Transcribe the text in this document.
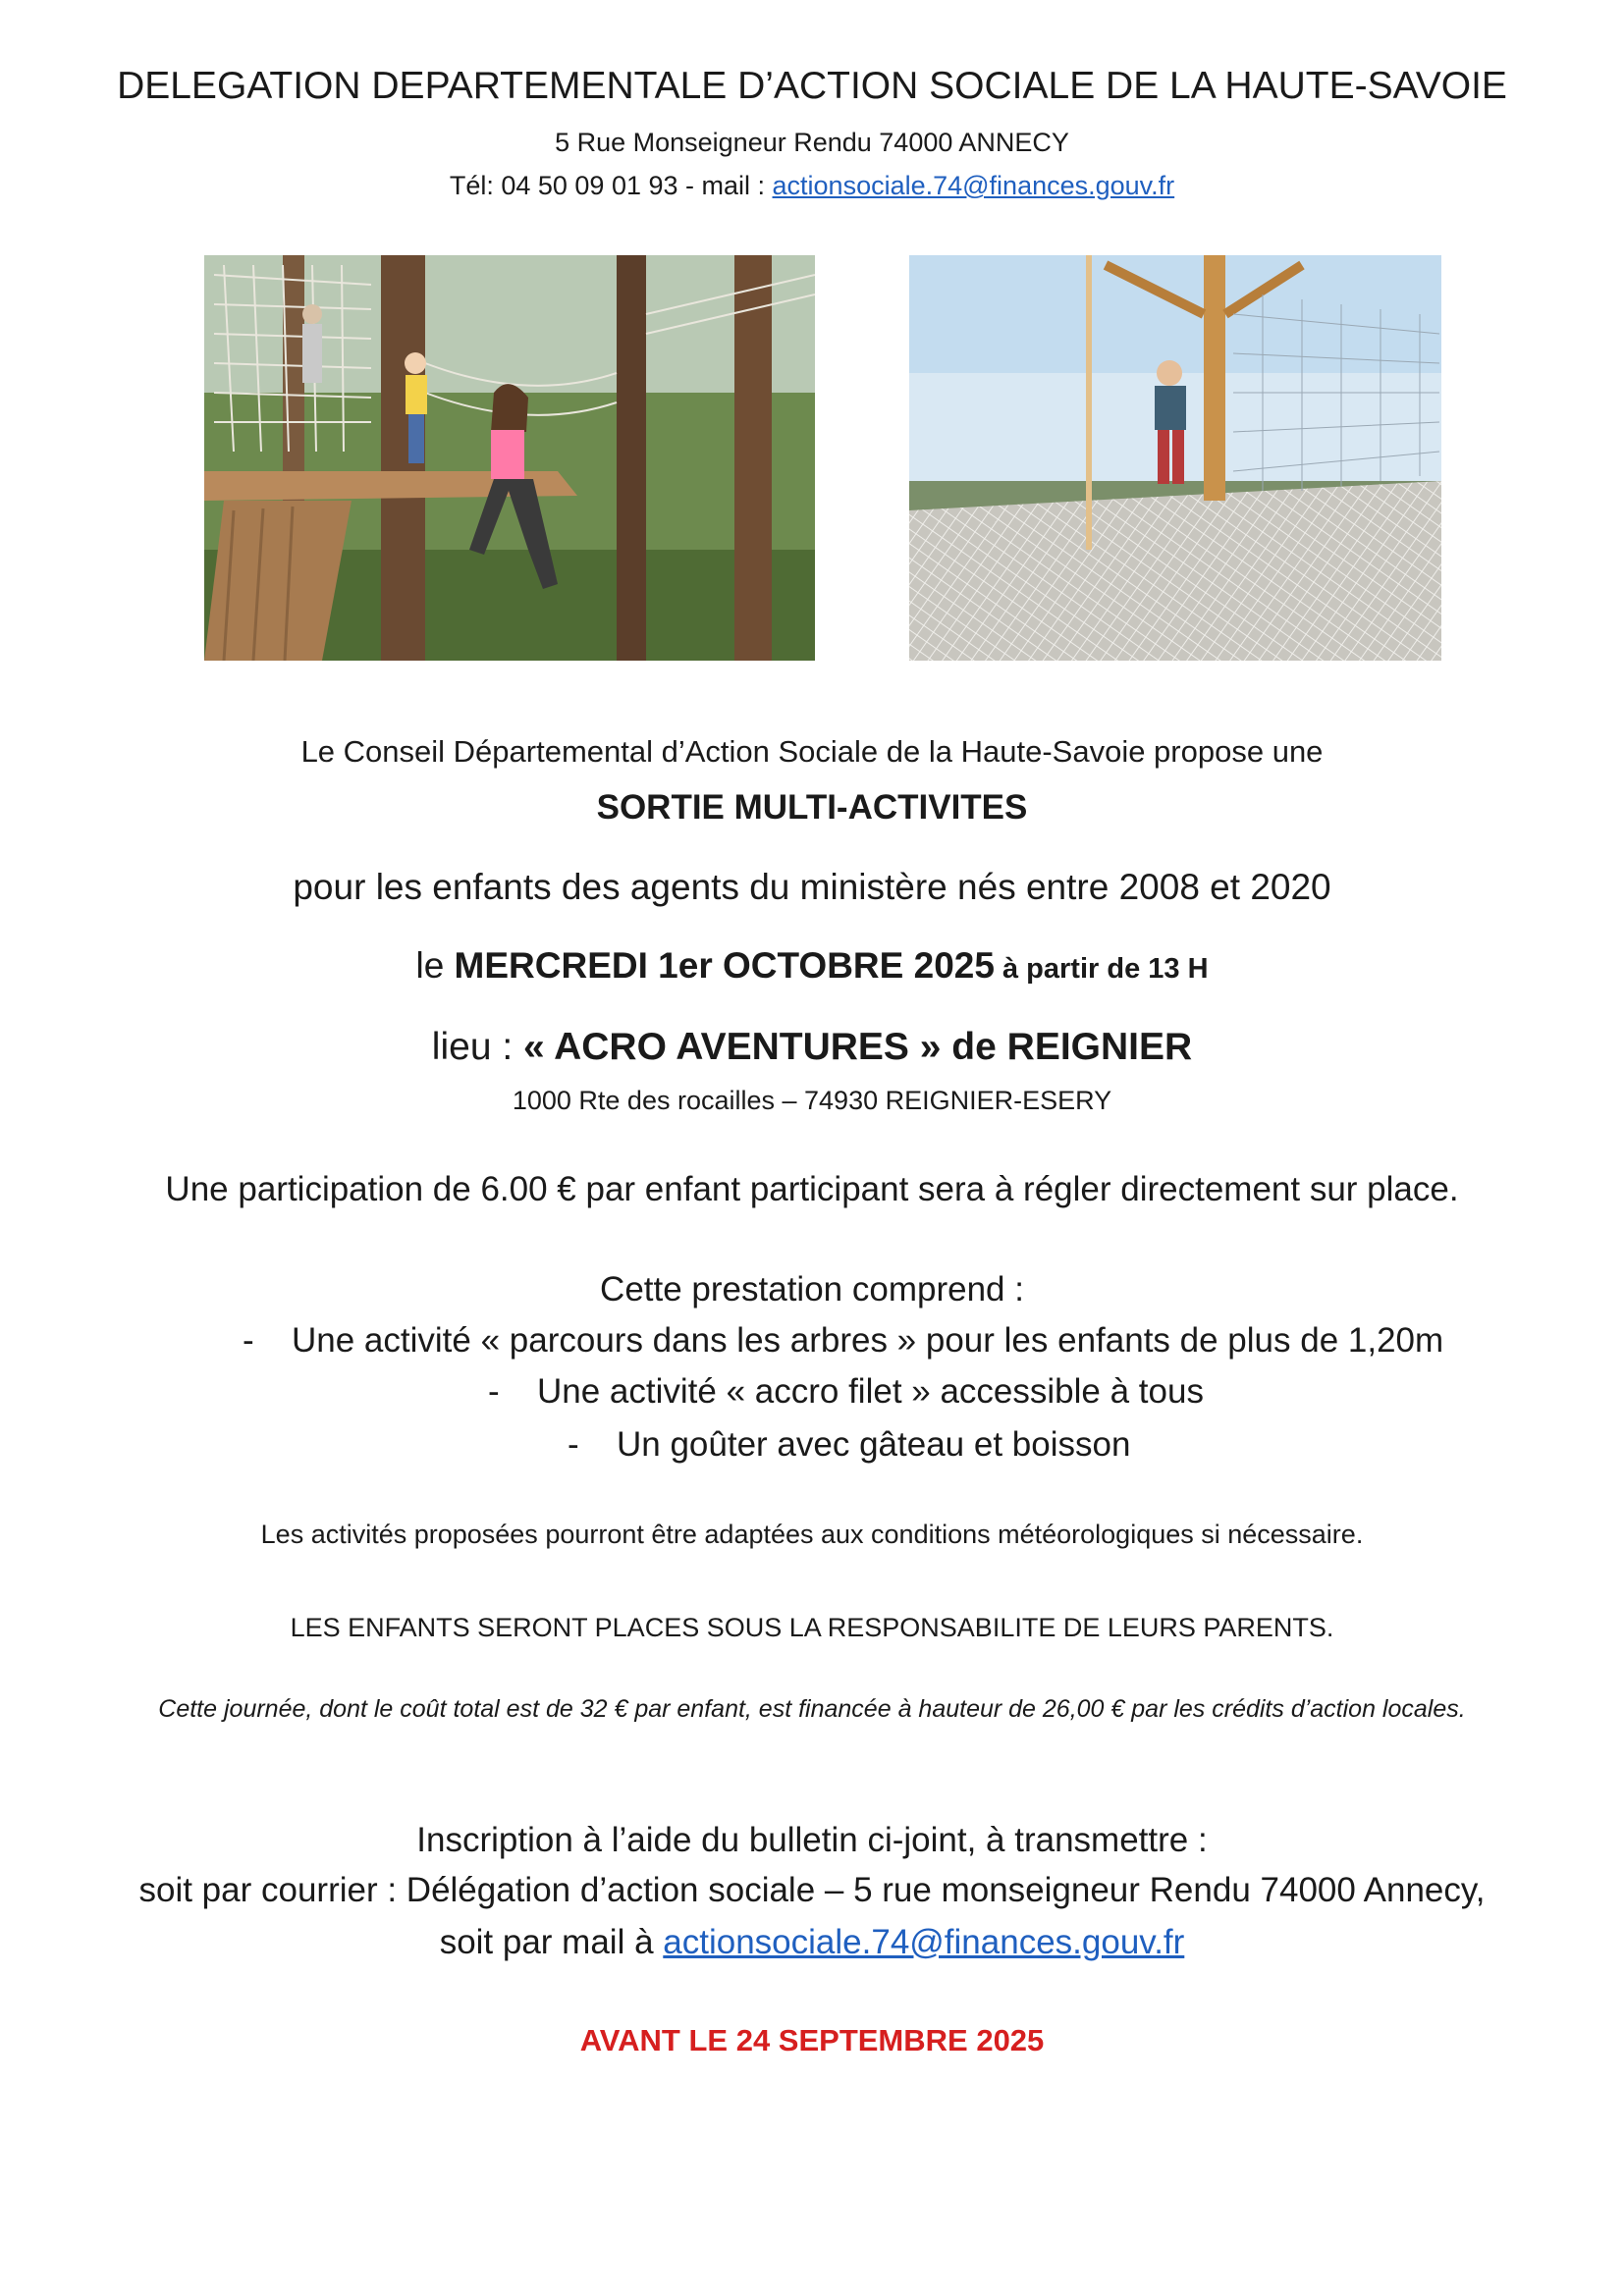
DELEGATION DEPARTEMENTALE D’ACTION SOCIALE DE LA HAUTE-SAVOIE
5 Rue Monseigneur Rendu 74000 ANNECY
Tél: 04 50 09 01 93 - mail : actionsociale.74@finances.gouv.fr
Le Conseil Départemental d’Action Sociale de la Haute-Savoie propose une
SORTIE MULTI-ACTIVITES
pour les enfants des agents du ministère nés entre 2008 et 2020
le MERCREDI 1er OCTOBRE 2025 à partir de 13 H
lieu : « ACRO AVENTURES » de REIGNIER
1000 Rte des rocailles – 74930 REIGNIER-ESERY
Une participation de 6.00 € par enfant participant sera à régler directement sur place.
Cette prestation comprend :
- Une activité « parcours dans les arbres » pour les enfants de plus de 1,20m
- Une activité « accro filet » accessible à tous
- Un goûter avec gâteau et boisson
Les activités proposées pourront être adaptées aux conditions météorologiques si nécessaire.
LES ENFANTS SERONT PLACES SOUS LA RESPONSABILITE DE LEURS PARENTS.
Cette journée, dont le coût total est de 32 € par enfant, est financée à hauteur de 26,00 € par les crédits d’action locales.
Inscription à l’aide du bulletin ci-joint, à transmettre :
soit par courrier : Délégation d’action sociale – 5 rue monseigneur Rendu 74000 Annecy,
soit par mail à actionsociale.74@finances.gouv.fr
AVANT LE 24 SEPTEMBRE 2025
